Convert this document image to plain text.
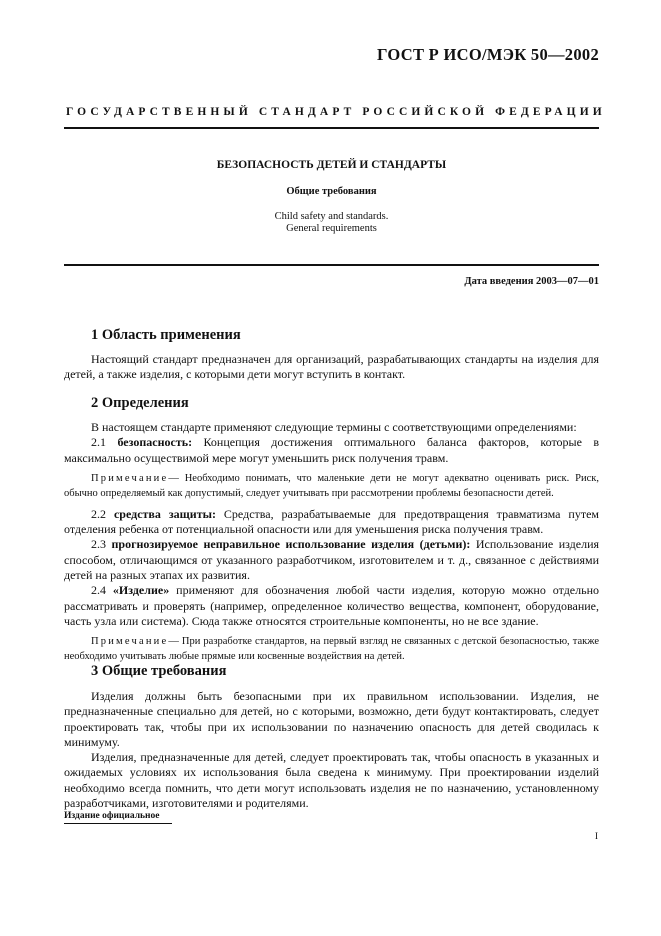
ГОСТ Р ИСО/МЭК 50—2002
ГОСУДАРСТВЕННЫЙ СТАНДАРТ РОССИЙСКОЙ ФЕДЕРАЦИИ
БЕЗОПАСНОСТЬ ДЕТЕЙ И СТАНДАРТЫ
Общие требования
Child safety and standards.
General requirements
Дата введения 2003—07—01
1 Область применения

Настоящий стандарт предназначен для организаций, разрабатывающих стандарты на изделия для детей, а также изделия, с которыми дети могут вступить в контакт.

2 Определения

В настоящем стандарте применяют следующие термины с соответствующими определениями:

2.1 безопасность: Концепция достижения оптимального баланса факторов, которые в максимально осуществимой мере могут уменьшить риск получения травм.

Примечание— Необходимо понимать, что маленькие дети не могут адекватно оценивать риск. Риск, обычно определяемый как допустимый, следует учитывать при рассмотрении проблемы безопасности детей.

2.2 средства защиты: Средства, разрабатываемые для предотвращения травматизма путем отделения ребенка от потенциальной опасности или для уменьшения риска получения травм.

2.3 прогнозируемое неправильное использование изделия (детьми): Использование изделия способом, отличающимся от указанного разработчиком, изготовителем и т. д., связанное с действиями детей на разных этапах их развития.

2.4 «Изделие» применяют для обозначения любой части изделия, которую можно отдельно рассматривать и проверять (например, определенное количество вещества, компонент, оборудование, часть узла или система). Сюда также относятся строительные компоненты, но не все здание.

Примечание— При разработке стандартов, на первый взгляд не связанных с детской безопасностью, также необходимо учитывать любые прямые или косвенные воздействия на детей.

3 Общие требования

Изделия должны быть безопасными при их правильном использовании. Изделия, не предназначенные специально для детей, но с которыми, возможно, дети будут контактировать, следует проектировать так, чтобы при их использовании по назначению опасность для детей сводилась к минимуму.

Изделия, предназначенные для детей, следует проектировать так, чтобы опасность в указанных и ожидаемых условиях их использования была сведена к минимуму. При проектировании изделий необходимо всегда помнить, что дети могут использовать изделия не по назначению, установленному разработчиками, изготовителями и родителями.

Издание официальное
I
